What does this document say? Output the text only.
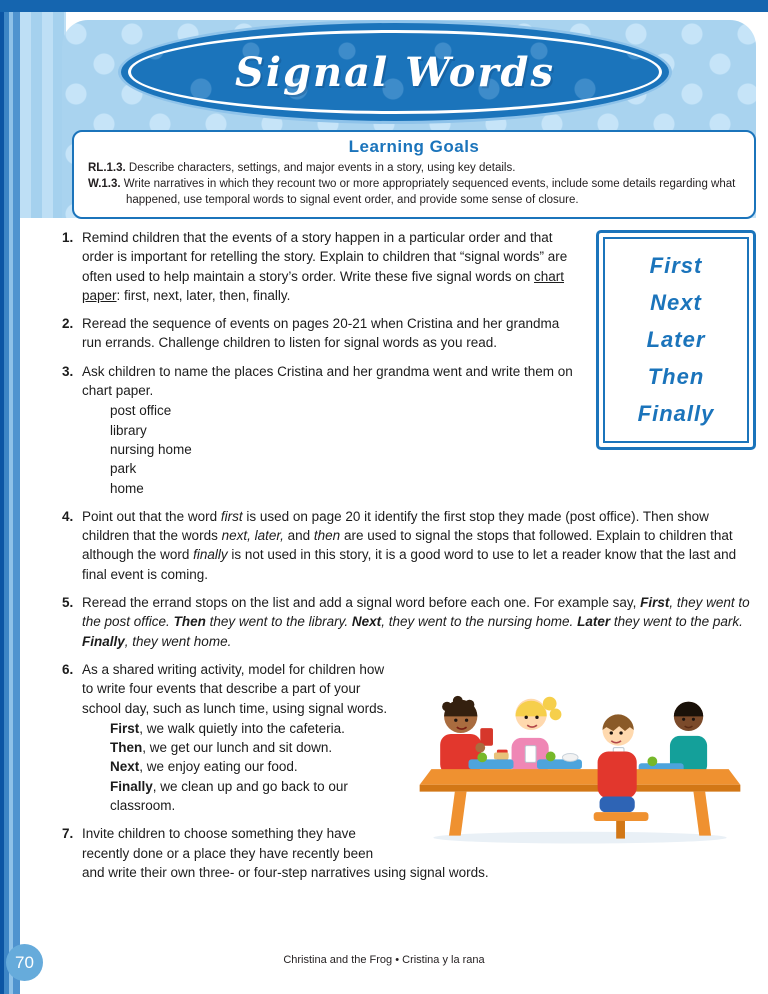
Signal Words
Learning Goals
RL.1.3. Describe characters, settings, and major events in a story, using key details.
W.1.3. Write narratives in which they recount two or more appropriately sequenced events, include some details regarding what happened, use temporal words to signal event order, and provide some sense of closure.
First
Next
Later
Then
Finally
1. Remind children that the events of a story happen in a particular order and that order is important for retelling the story. Explain to children that “signal words” are often used to help maintain a story’s order. Write these five signal words on chart paper: first, next, later, then, finally.
2. Reread the sequence of events on pages 20-21 when Cristina and her grandma run errands. Challenge children to listen for signal words as you read.
3. Ask children to name the places Cristina and her grandma went and write them on chart paper.
post office
library
nursing home
park
home
4. Point out that the word first is used on page 20 it identify the first stop they made (post office). Then show children that the words next, later, and then are used to signal the stops that followed. Explain to children that although the word finally is not used in this story, it is a good word to use to let a reader know that the last and final event is coming.
5. Reread the errand stops on the list and add a signal word before each one. For example say, First, they went to the post office. Then they went to the library. Next, they went to the nursing home. Later they went to the park. Finally, they went home.
6. As a shared writing activity, model for children how to write four events that describe a part of your school day, such as lunch time, using signal words.
First, we walk quietly into the cafeteria.
Then, we get our lunch and sit down.
Next, we enjoy eating our food.
Finally, we clean up and go back to our classroom.
7. Invite children to choose something they have recently done or a place they have recently been and write their own three- or four-step narratives using signal words.
70	Christina and the Frog • Cristina y la rana
